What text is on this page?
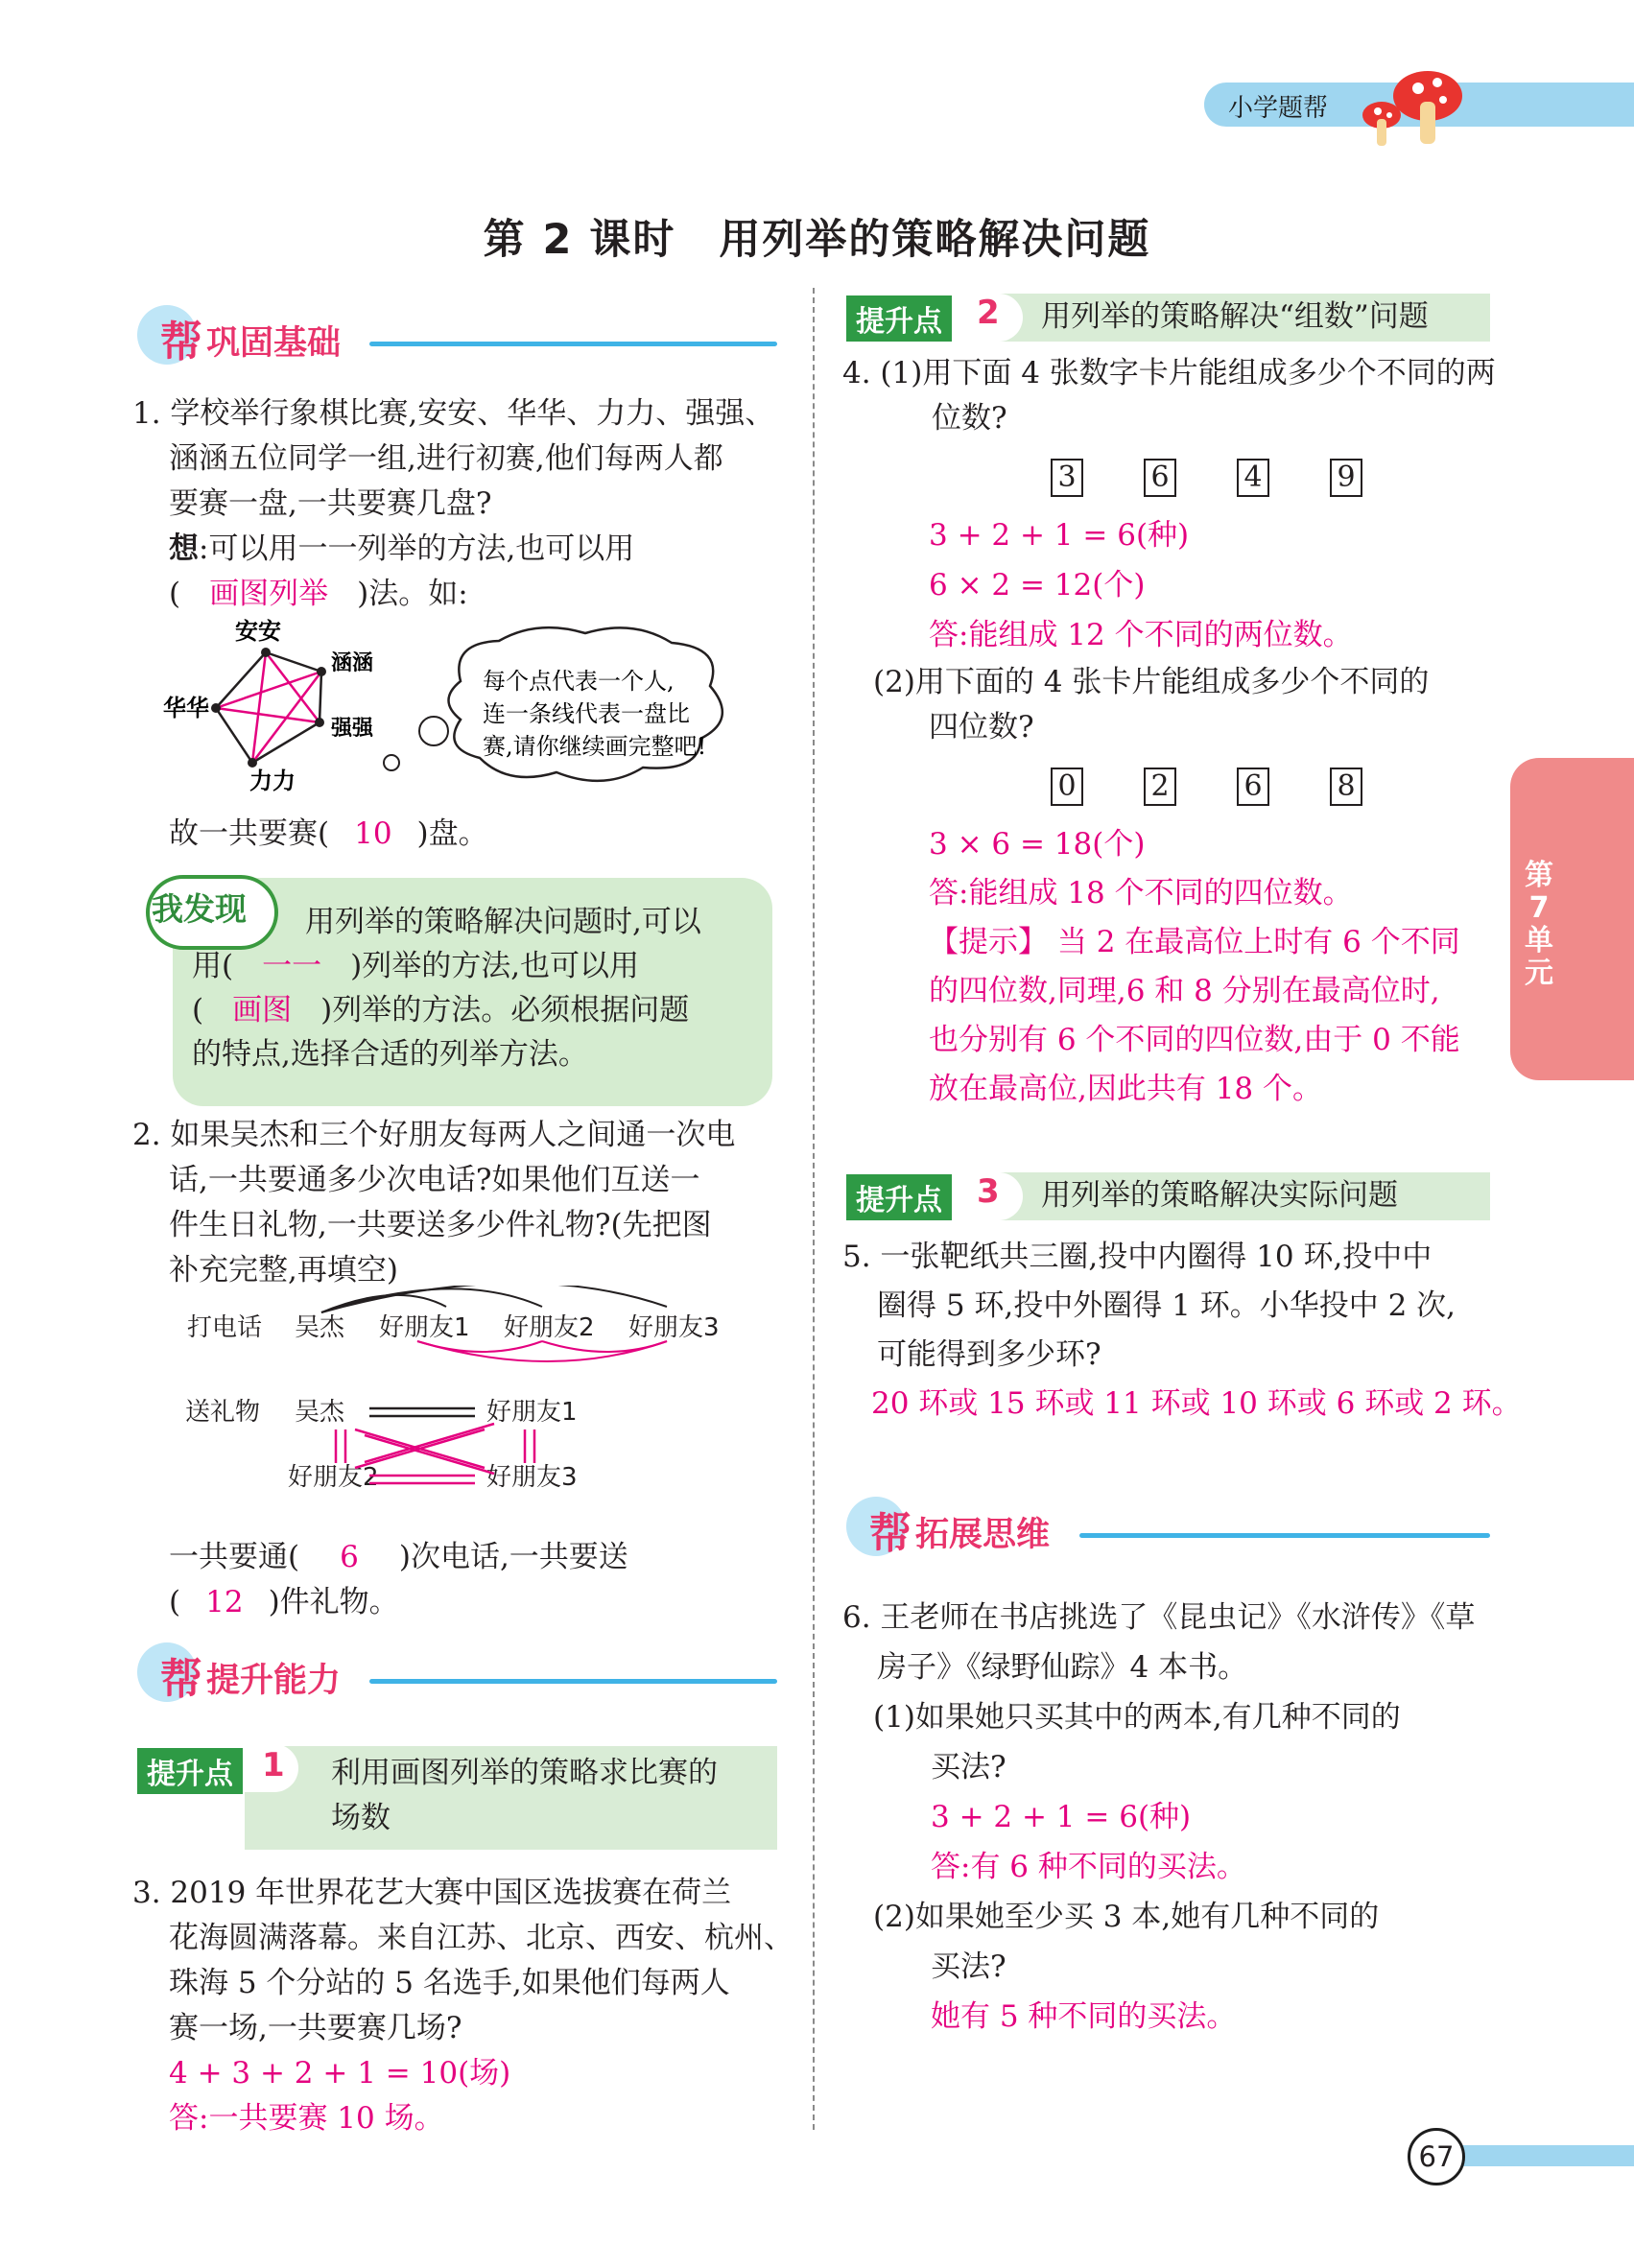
小学题帮
第 2 课时　用列举的策略解决问题
帮 巩固基础
1. 学校举行象棋比赛,安安、华华、力力、强强、
涵涵五位同学一组,进行初赛,他们每两人都
要赛一盘,一共要赛几盘?
想:可以用一一列举的方法,也可以用
( 画图列举 )法。如:
安安
涵涵
华华
强强
力力
每个点代表一个人,
连一条线代表一盘比
赛,请你继续画完整吧!
故一共要赛( 10 )盘。
我发现	用列举的策略解决问题时,可以
用( 一一 )列举的方法,也可以用
( 画图 )列举的方法。必须根据问题
的特点,选择合适的列举方法。
2. 如果吴杰和三个好朋友每两人之间通一次电
话,一共要通多少次电话?如果他们互送一
件生日礼物,一共要送多少件礼物?(先把图
补充完整,再填空)
打电话 吴杰 好朋友1 好朋友2 好朋友3
送礼物 吴杰	好朋友1
好朋友2	好朋友3
一共要通( 6 )次电话,一共要送
( 12 )件礼物。
帮 提升能力
提升点 1 利用画图列举的策略求比赛的
场数
3. 2019 年世界花艺大赛中国区选拔赛在荷兰
花海圆满落幕。来自江苏、北京、西安、杭州、
珠海 5 个分站的 5 名选手,如果他们每两人
赛一场,一共要赛几场?
4 + 3 + 2 + 1 = 10(场)
答:一共要赛 10 场。
提升点 2 用列举的策略解决“组数”问题
4. (1)用下面 4 张数字卡片能组成多少个不同的两
位数?
3	6	4	9
3 + 2 + 1 = 6(种)
6 × 2 = 12(个)
答:能组成 12 个不同的两位数。
(2)用下面的 4 张卡片能组成多少个不同的
四位数?
0	2	6	8
3 × 6 = 18(个)
答:能组成 18 个不同的四位数。
【提示】 当 2 在最高位上时有 6 个不同
的四位数,同理,6 和 8 分别在最高位时,
也分别有 6 个不同的四位数,由于 0 不能
放在最高位,因此共有 18 个。
提升点 3 用列举的策略解决实际问题
5. 一张靶纸共三圈,投中内圈得 10 环,投中中
圈得 5 环,投中外圈得 1 环。小华投中 2 次,
可能得到多少环?
20 环或 15 环或 11 环或 10 环或 6 环或 2 环。
帮 拓展思维
6. 王老师在书店挑选了《昆虫记》《水浒传》《草
房子》《绿野仙踪》4 本书。
(1)如果她只买其中的两本,有几种不同的
买法?
3 + 2 + 1 = 6(种)
答:有 6 种不同的买法。
(2)如果她至少买 3 本,她有几种不同的
买法?
她有 5 种不同的买法。
第7单元
67
